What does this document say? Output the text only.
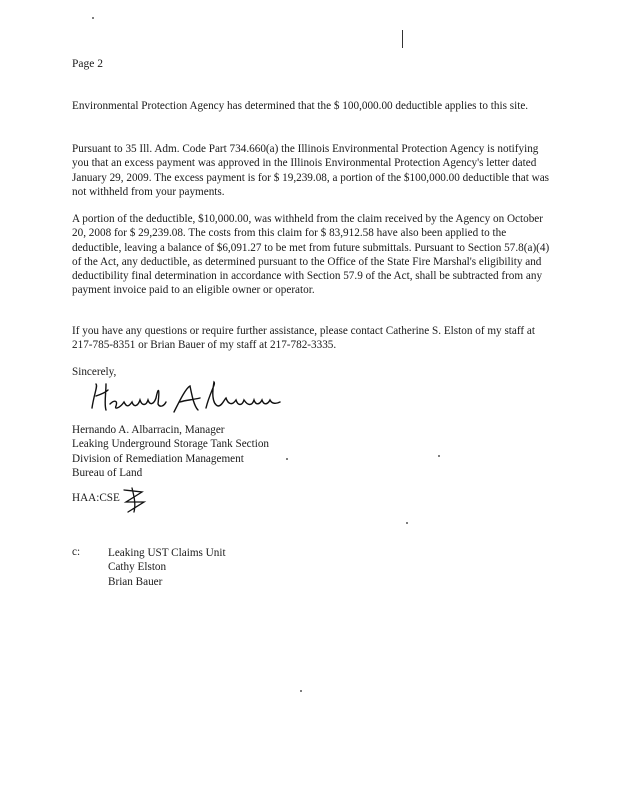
Page 2

Environmental Protection Agency has determined that the $ 100,000.00 deductible applies to this site.

Pursuant to 35 Ill. Adm. Code Part 734.660(a) the Illinois Environmental Protection Agency is notifying you that an excess payment was approved in the Illinois Environmental Protection Agency's letter dated January 29, 2009. The excess payment is for $ 19,239.08, a portion of the $100,000.00 deductible that was not withheld from your payments.

A portion of the deductible, $10,000.00, was withheld from the claim received by the Agency on October 20, 2008 for $ 29,239.08. The costs from this claim for $ 83,912.58 have also been applied to the deductible, leaving a balance of $6,091.27 to be met from future submittals. Pursuant to Section 57.8(a)(4) of the Act, any deductible, as determined pursuant to the Office of the State Fire Marshal's eligibility and deductibility final determination in accordance with Section 57.9 of the Act, shall be subtracted from any payment invoice paid to an eligible owner or operator.

If you have any questions or require further assistance, please contact Catherine S. Elston of my staff at 217-785-8351 or Brian Bauer of my staff at 217-782-3335.

Sincerely,
Hernando A. Albarracin, Manager
Leaking Underground Storage Tank Section
Division of Remediation Management
Bureau of Land
HAA:CSE
c: Leaking UST Claims Unit
Cathy Elston
Brian Bauer
